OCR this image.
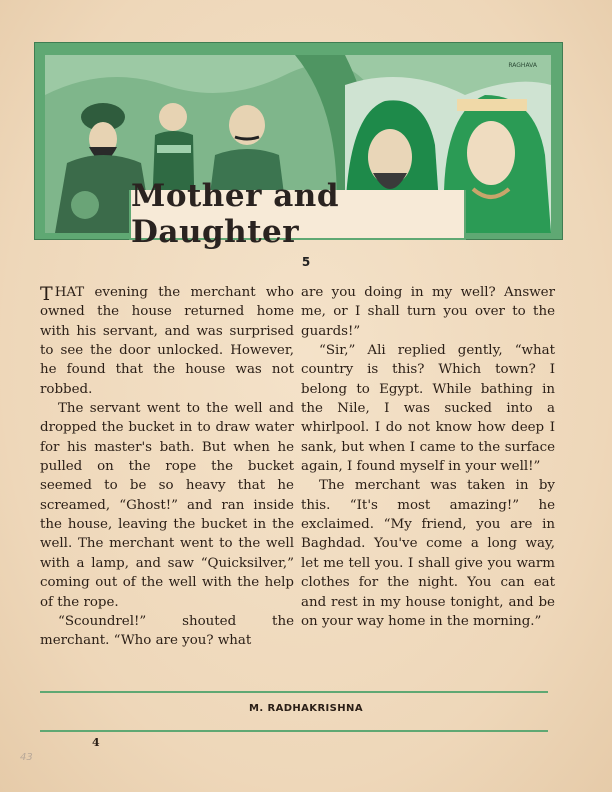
RAGHAVA
Mother and Daughter
5

T HAT evening the merchant who owned the house returned home with his servant, and was surprised to see the door unlocked. However, he found that the house was not robbed.

The servant went to the well and dropped the bucket in to draw water for his master's bath. But when he pulled on the rope the bucket seemed to be so heavy that he screamed, “Ghost!” and ran inside the house, leaving the bucket in the well. The merchant went to the well with a lamp, and saw “Quicksilver,” coming out of the well with the help of the rope.

“Scoundrel!” shouted the merchant. “Who are you? what

are you doing in my well? Answer me, or I shall turn you over to the guards!”

“Sir,” Ali replied gently, “what country is this? Which town? I belong to Egypt. While bathing in the Nile, I was sucked into a whirlpool. I do not know how deep I sank, but when I came to the surface again, I found myself in your well!”

The merchant was taken in by this. “It's most amazing!” he exclaimed. “My friend, you are in Baghdad. You've come a long way, let me tell you. I shall give you warm clothes for the night. You can eat and rest in my house tonight, and be on your way home in the morning.”

M. RADHAKRISHNA
4
43
